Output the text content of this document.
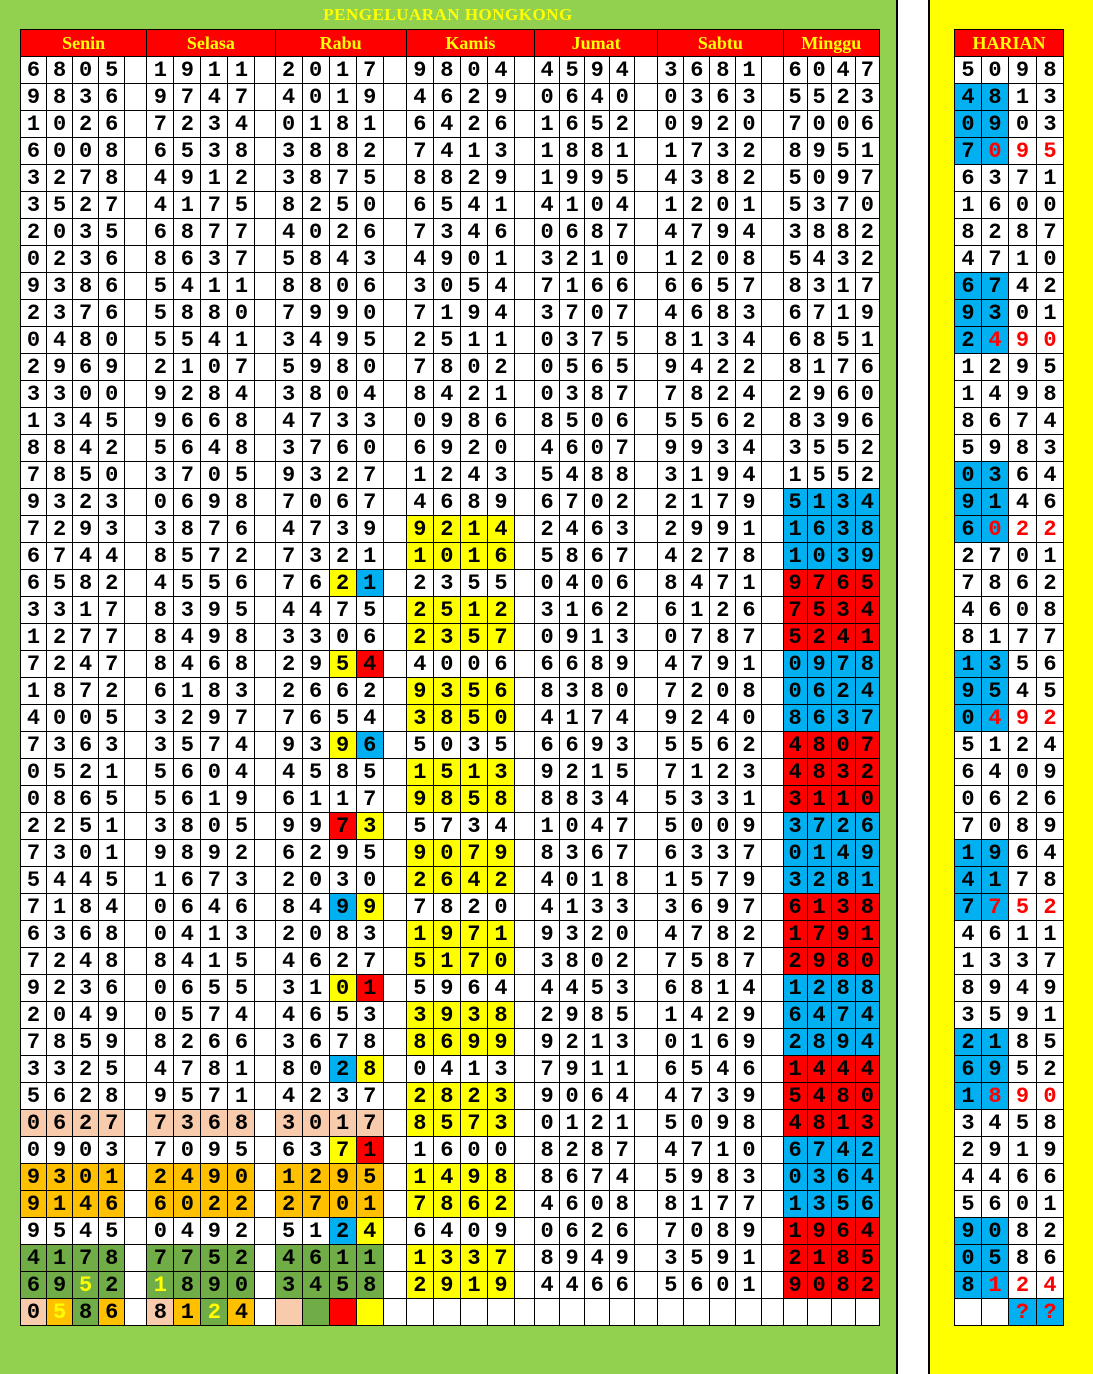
PENGELUARAN HONGKONG
Senin					Selasa					Rabu					Kamis					Jumat					Sabtu					Minggu			
6	8	0	5		1	9	1	1		2	0	1	7		9	8	0	4		4	5	9	4		3	6	8	1		6	0	4	7
9	8	3	6		9	7	4	7		4	0	1	9		4	6	2	9		0	6	4	0		0	3	6	3		5	5	2	3
1	0	2	6		7	2	3	4		0	1	8	1		6	4	2	6		1	6	5	2		0	9	2	0		7	0	0	6
6	0	0	8		6	5	3	8		3	8	8	2		7	4	1	3		1	8	8	1		1	7	3	2		8	9	5	1
3	2	7	8		4	9	1	2		3	8	7	5		8	8	2	9		1	9	9	5		4	3	8	2		5	0	9	7
3	5	2	7		4	1	7	5		8	2	5	0		6	5	4	1		4	1	0	4		1	2	0	1		5	3	7	0
2	0	3	5		6	8	7	7		4	0	2	6		7	3	4	6		0	6	8	7		4	7	9	4		3	8	8	2
0	2	3	6		8	6	3	7		5	8	4	3		4	9	0	1		3	2	1	0		1	2	0	8		5	4	3	2
9	3	8	6		5	4	1	1		8	8	0	6		3	0	5	4		7	1	6	6		6	6	5	7		8	3	1	7
2	3	7	6		5	8	8	0		7	9	9	0		7	1	9	4		3	7	0	7		4	6	8	3		6	7	1	9
0	4	8	0		5	5	4	1		3	4	9	5		2	5	1	1		0	3	7	5		8	1	3	4		6	8	5	1
2	9	6	9		2	1	0	7		5	9	8	0		7	8	0	2		0	5	6	5		9	4	2	2		8	1	7	6
3	3	0	0		9	2	8	4		3	8	0	4		8	4	2	1		0	3	8	7		7	8	2	4		2	9	6	0
1	3	4	5		9	6	6	8		4	7	3	3		0	9	8	6		8	5	0	6		5	5	6	2		8	3	9	6
8	8	4	2		5	6	4	8		3	7	6	0		6	9	2	0		4	6	0	7		9	9	3	4		3	5	5	2
7	8	5	0		3	7	0	5		9	3	2	7		1	2	4	3		5	4	8	8		3	1	9	4		1	5	5	2
9	3	2	3		0	6	9	8		7	0	6	7		4	6	8	9		6	7	0	2		2	1	7	9		5	1	3	4
7	2	9	3		3	8	7	6		4	7	3	9		9	2	1	4		2	4	6	3		2	9	9	1		1	6	3	8
6	7	4	4		8	5	7	2		7	3	2	1		1	0	1	6		5	8	6	7		4	2	7	8		1	0	3	9
6	5	8	2		4	5	5	6		7	6	2	1		2	3	5	5		0	4	0	6		8	4	7	1		9	7	6	5
3	3	1	7		8	3	9	5		4	4	7	5		2	5	1	2		3	1	6	2		6	1	2	6		7	5	3	4
1	2	7	7		8	4	9	8		3	3	0	6		2	3	5	7		0	9	1	3		0	7	8	7		5	2	4	1
7	2	4	7		8	4	6	8		2	9	5	4		4	0	0	6		6	6	8	9		4	7	9	1		0	9	7	8
1	8	7	2		6	1	8	3		2	6	6	2		9	3	5	6		8	3	8	0		7	2	0	8		0	6	2	4
4	0	0	5		3	2	9	7		7	6	5	4		3	8	5	0		4	1	7	4		9	2	4	0		8	6	3	7
7	3	6	3		3	5	7	4		9	3	9	6		5	0	3	5		6	6	9	3		5	5	6	2		4	8	0	7
0	5	2	1		5	6	0	4		4	5	8	5		1	5	1	3		9	2	1	5		7	1	2	3		4	8	3	2
0	8	6	5		5	6	1	9		6	1	1	7		9	8	5	8		8	8	3	4		5	3	3	1		3	1	1	0
2	2	5	1		3	8	0	5		9	9	7	3		5	7	3	4		1	0	4	7		5	0	0	9		3	7	2	6
7	3	0	1		9	8	9	2		6	2	9	5		9	0	7	9		8	3	6	7		6	3	3	7		0	1	4	9
5	4	4	5		1	6	7	3		2	0	3	0		2	6	4	2		4	0	1	8		1	5	7	9		3	2	8	1
7	1	8	4		0	6	4	6		8	4	9	9		7	8	2	0		4	1	3	3		3	6	9	7		6	1	3	8
6	3	6	8		0	4	1	3		2	0	8	3		1	9	7	1		9	3	2	0		4	7	8	2		1	7	9	1
7	2	4	8		8	4	1	5		4	6	2	7		5	1	7	0		3	8	0	2		7	5	8	7		2	9	8	0
9	2	3	6		0	6	5	5		3	1	0	1		5	9	6	4		4	4	5	3		6	8	1	4		1	2	8	8
2	0	4	9		0	5	7	4		4	6	5	3		3	9	3	8		2	9	8	5		1	4	2	9		6	4	7	4
7	8	5	9		8	2	6	6		3	6	7	8		8	6	9	9		9	2	1	3		0	1	6	9		2	8	9	4
3	3	2	5		4	7	8	1		8	0	2	8		0	4	1	3		7	9	1	1		6	5	4	6		1	4	4	4
5	6	2	8		9	5	7	1		4	2	3	7		2	8	2	3		9	0	6	4		4	7	3	9		5	4	8	0
0	6	2	7		7	3	6	8		3	0	1	7		8	5	7	3		0	1	2	1		5	0	9	8		4	8	1	3
0	9	0	3		7	0	9	5		6	3	7	1		1	6	0	0		8	2	8	7		4	7	1	0		6	7	4	2
9	3	0	1		2	4	9	0		1	2	9	5		1	4	9	8		8	6	7	4		5	9	8	3		0	3	6	4
9	1	4	6		6	0	2	2		2	7	0	1		7	8	6	2		4	6	0	8		8	1	7	7		1	3	5	6
9	5	4	5		0	4	9	2		5	1	2	4		6	4	0	9		0	6	2	6		7	0	8	9		1	9	6	4
4	1	7	8		7	7	5	2		4	6	1	1		1	3	3	7		8	9	4	9		3	5	9	1		2	1	8	5
6	9	5	2		1	8	9	0		3	4	5	8		2	9	1	9		4	4	6	6		5	6	0	1		9	0	8	2
0	5	8	6		8	1	2	4																									
HARIAN			
5	0	9	8
4	8	1	3
0	9	0	3
7	0	9	5
6	3	7	1
1	6	0	0
8	2	8	7
4	7	1	0
6	7	4	2
9	3	0	1
2	4	9	0
1	2	9	5
1	4	9	8
8	6	7	4
5	9	8	3
0	3	6	4
9	1	4	6
6	0	2	2
2	7	0	1
7	8	6	2
4	6	0	8
8	1	7	7
1	3	5	6
9	5	4	5
0	4	9	2
5	1	2	4
6	4	0	9
0	6	2	6
7	0	8	9
1	9	6	4
4	1	7	8
7	7	5	2
4	6	1	1
1	3	3	7
8	9	4	9
3	5	9	1
2	1	8	5
6	9	5	2
1	8	9	0
3	4	5	8
2	9	1	9
4	4	6	6
5	6	0	1
9	0	8	2
0	5	8	6
8	1	2	4
		?	?
